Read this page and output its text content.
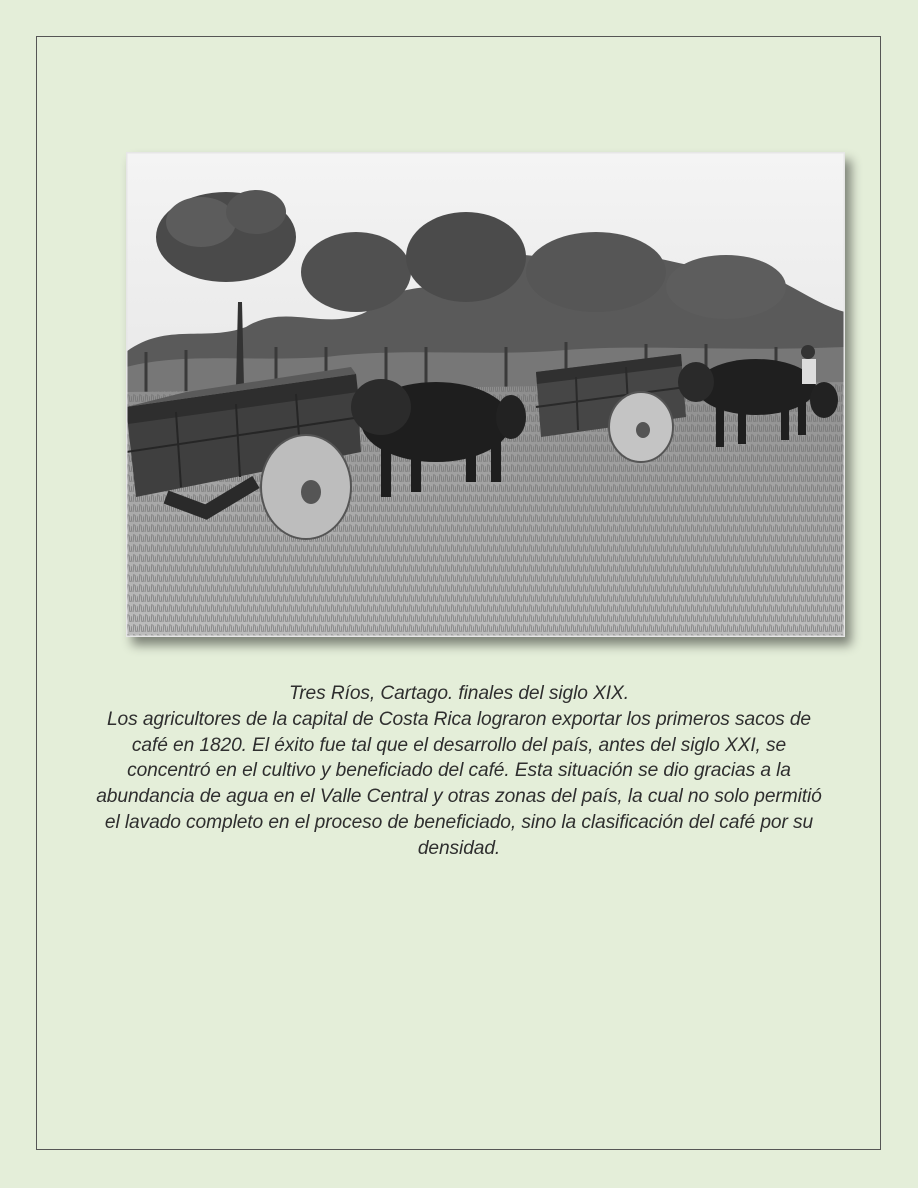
Tres Ríos, Cartago. finales del siglo XIX.

Los agricultores de la capital de Costa Rica lograron exportar los primeros sacos de café en 1820. El éxito fue tal que el desarrollo del país, antes del siglo XXI, se concentró en el cultivo y beneficiado del café. Esta situación se dio gracias a la abundancia de agua en el Valle Central y otras zonas del país, la cual no solo permitió el lavado completo en el proceso de beneficiado, sino la clasificación del café por su densidad.
